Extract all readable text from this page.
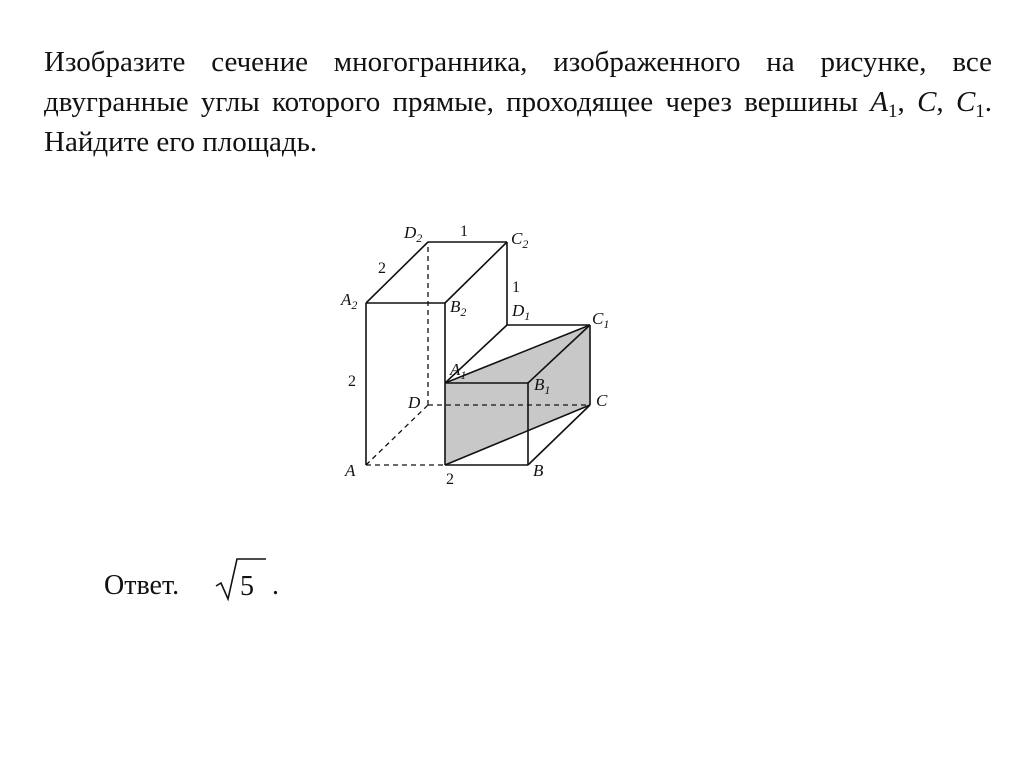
Изобразите сечение многогранника, изображенного на рисунке, все двугранные углы которого прямые, проходящее через вершины $A_1$, C, $C_1$. Найдите его площадь.

$D_2$	$C_2$
$A_2$	$B_2$	$D_1$	$C_1$
$A_1$	$B_1$
D	C
A	B
1
2
1
2
2
Ответ. 5 .
